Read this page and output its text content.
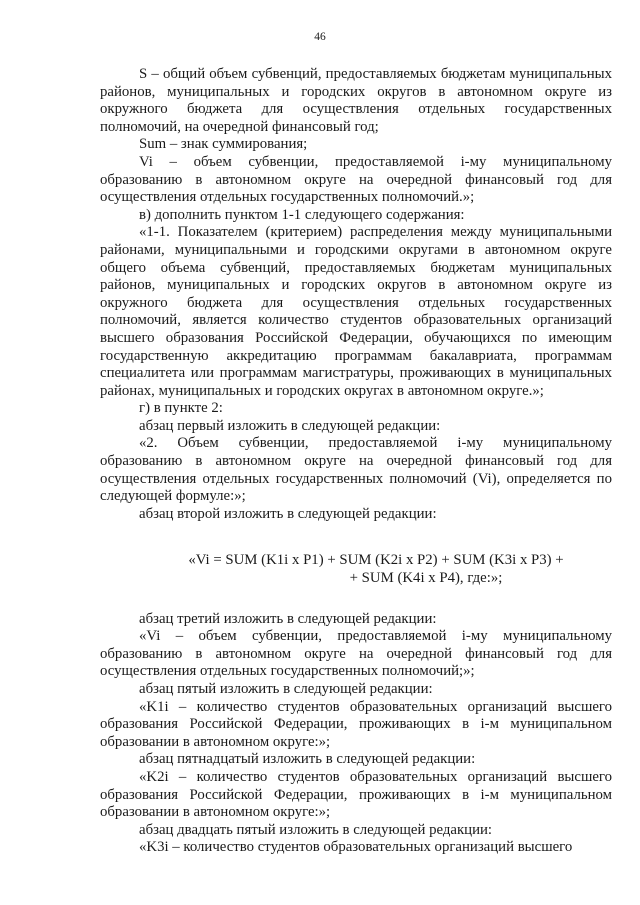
46

S – общий объем субвенций, предоставляемых бюджетам муниципальных районов, муниципальных и городских округов в автономном округе из окружного бюджета для осуществления отдельных государственных полномочий, на очередной финансовый год;

Sum – знак суммирования;

Vi – объем субвенции, предоставляемой i-му муниципальному образованию в автономном округе на очередной финансовый год для осуществления отдельных государственных полномочий.»;

в) дополнить пунктом 1-1 следующего содержания:

«1-1. Показателем (критерием) распределения между муниципальными районами, муниципальными и городскими округами в автономном округе общего объема субвенций, предоставляемых бюджетам муниципальных районов, муниципальных и городских округов в автономном округе из окружного бюджета для осуществления отдельных государственных полномочий, является количество студентов образовательных организаций высшего образования Российской Федерации, обучающихся по имеющим государственную аккредитацию программам бакалавриата, программам специалитета или программам магистратуры, проживающих в муниципальных районах, муниципальных и городских округах в автономном округе.»;

г) в пункте 2:

абзац первый изложить в следующей редакции:

«2. Объем субвенции, предоставляемой i-му муниципальному образованию в автономном округе на очередной финансовый год для осуществления отдельных государственных полномочий (Vi), определяется по следующей формуле:»;

абзац второй изложить в следующей редакции:

«Vi = SUM (K1i x P1) + SUM (K2i x P2) + SUM (K3i x P3) +
+ SUM (K4i x P4), где:»;

абзац третий изложить в следующей редакции:

«Vi – объем субвенции, предоставляемой i-му муниципальному образованию в автономном округе на очередной финансовый год для осуществления отдельных государственных полномочий;»;

абзац пятый изложить в следующей редакции:

«K1i – количество студентов образовательных организаций высшего образования Российской Федерации, проживающих в i-м муниципальном образовании в автономном округе:»;

абзац пятнадцатый изложить в следующей редакции:

«K2i – количество студентов образовательных организаций высшего образования Российской Федерации, проживающих в i-м муниципальном образовании в автономном округе:»;

абзац двадцать пятый изложить в следующей редакции:

«K3i – количество студентов образовательных организаций высшего
